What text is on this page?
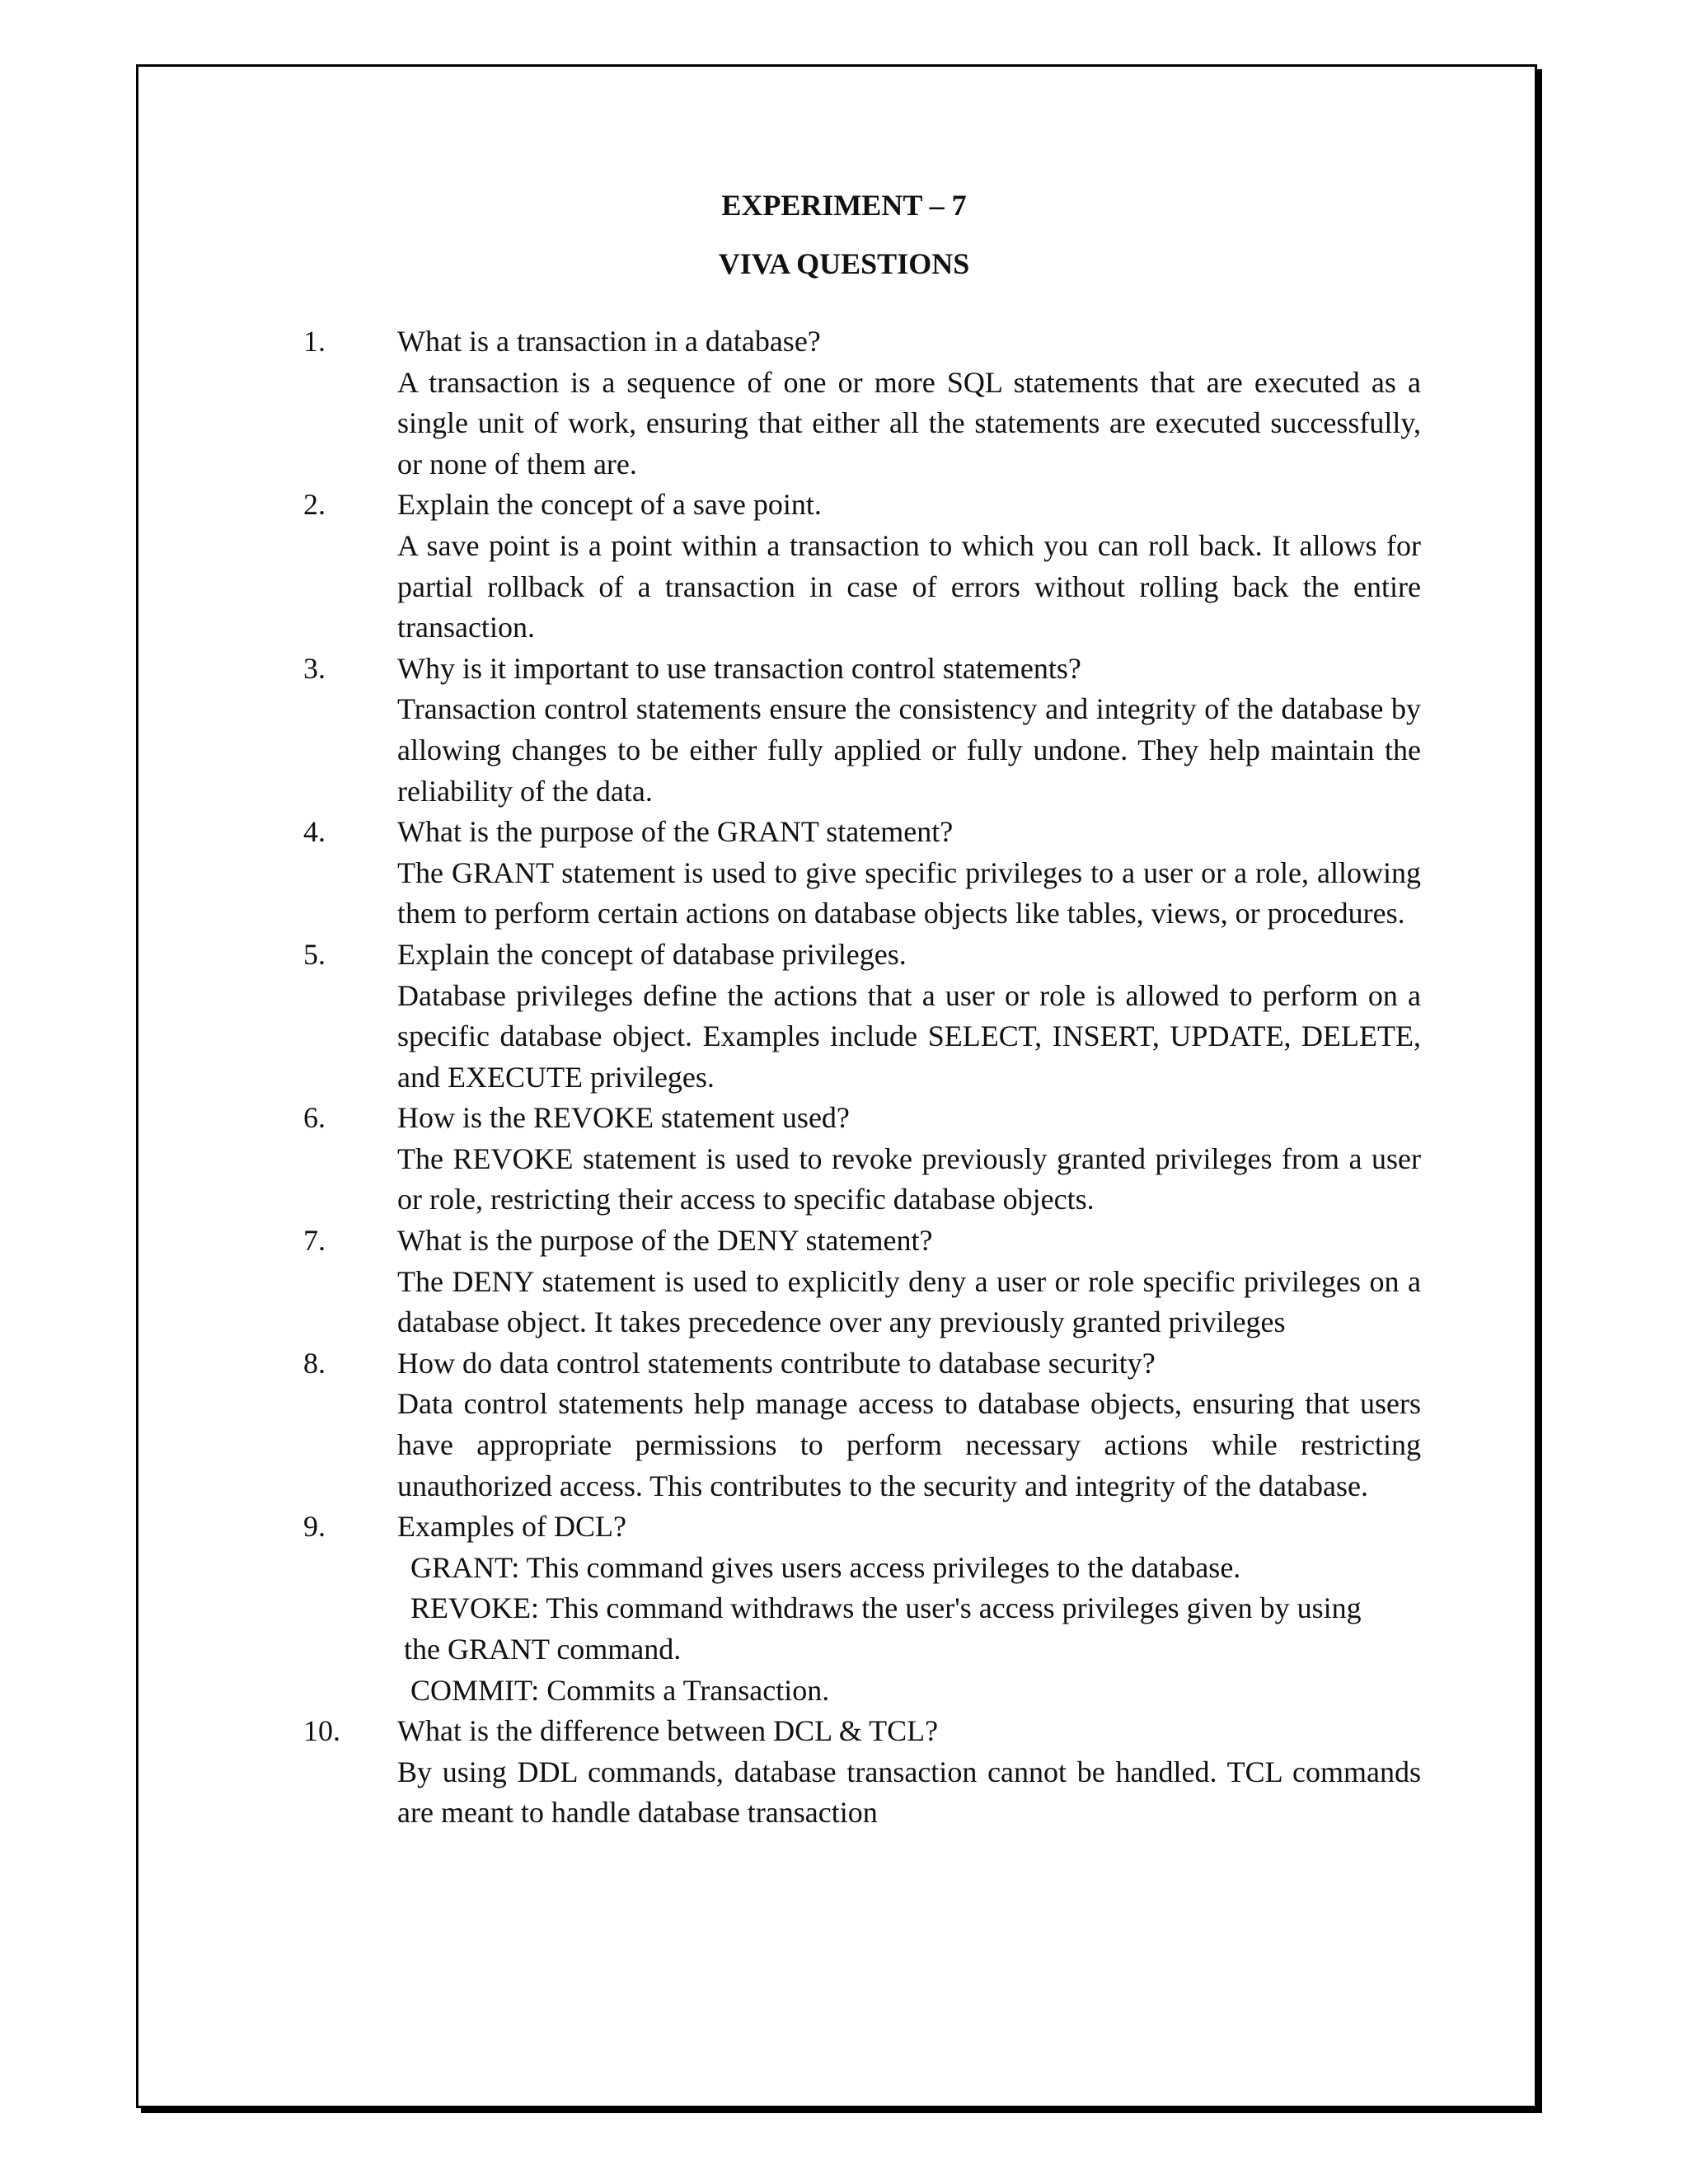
EXPERIMENT – 7
VIVA QUESTIONS
1. What is a transaction in a database?
A transaction is a sequence of one or more SQL statements that are executed as a single unit of work, ensuring that either all the statements are executed successfully, or none of them are.
2. Explain the concept of a save point.
A save point is a point within a transaction to which you can roll back. It allows for partial rollback of a transaction in case of errors without rolling back the entire transaction.
3. Why is it important to use transaction control statements?
Transaction control statements ensure the consistency and integrity of the database by allowing changes to be either fully applied or fully undone. They help maintain the reliability of the data.
4. What is the purpose of the GRANT statement?
The GRANT statement is used to give specific privileges to a user or a role, allowing them to perform certain actions on database objects like tables, views, or procedures.
5. Explain the concept of database privileges.
Database privileges define the actions that a user or role is allowed to perform on a specific database object. Examples include SELECT, INSERT, UPDATE, DELETE, and EXECUTE privileges.
6. How is the REVOKE statement used?
The REVOKE statement is used to revoke previously granted privileges from a user or role, restricting their access to specific database objects.
7. What is the purpose of the DENY statement?
The DENY statement is used to explicitly deny a user or role specific privileges on a database object. It takes precedence over any previously granted privileges
8. How do data control statements contribute to database security?
Data control statements help manage access to database objects, ensuring that users have appropriate permissions to perform necessary actions while restricting unauthorized access. This contributes to the security and integrity of the database.
9. Examples of DCL?
GRANT: This command gives users access privileges to the database.
REVOKE: This command withdraws the user's access privileges given by using
the GRANT command.
COMMIT: Commits a Transaction.
10. What is the difference between DCL & TCL?
By using DDL commands, database transaction cannot be handled. TCL commands are meant to handle database transaction
